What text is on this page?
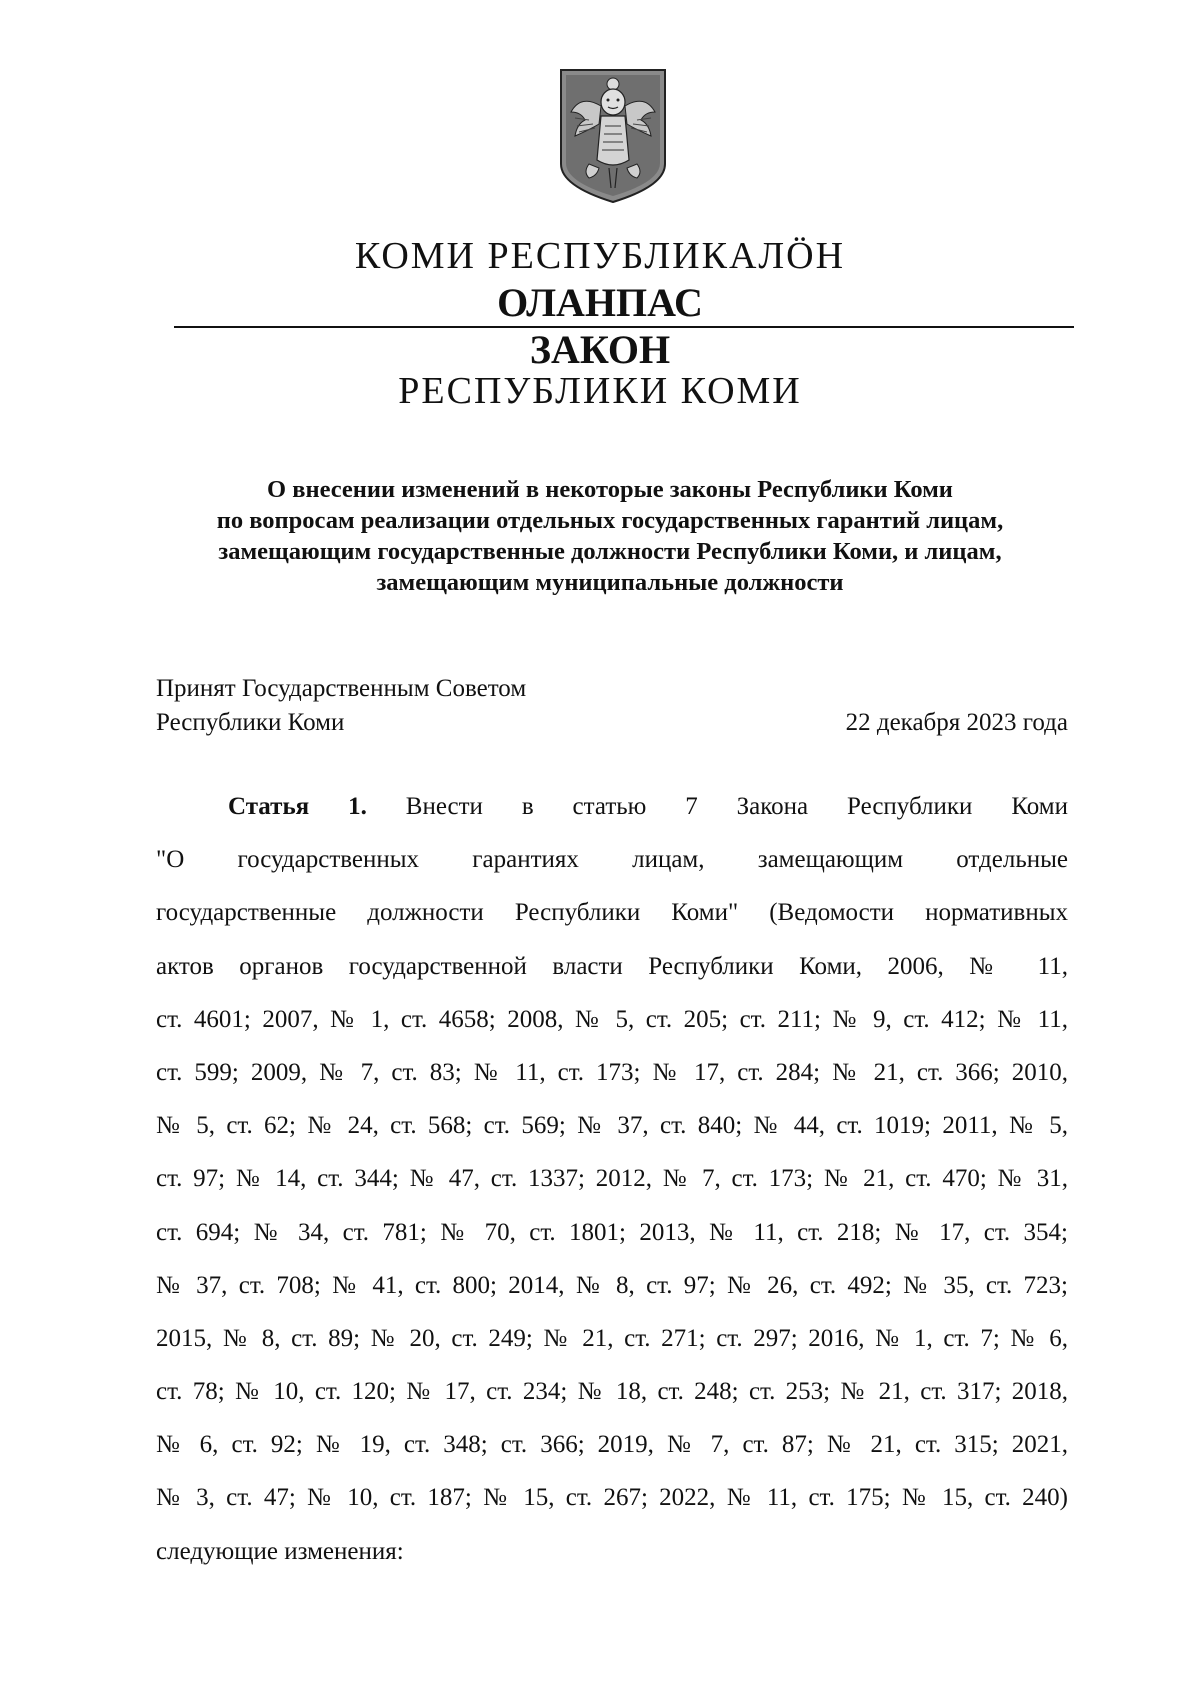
КОМИ РЕСПУБЛИКАЛӦН
ОЛАНПАС
ЗАКОН
РЕСПУБЛИКИ КОМИ
О внесении изменений в некоторые законы Республики Коми
по вопросам реализации отдельных государственных гарантий лицам,
замещающим государственные должности Республики Коми, и лицам,
замещающим муниципальные должности
Принят Государственным Советом
Республики Коми	22 декабря 2023 года
Статья 1. Внести в статью 7 Закона Республики Коми
"О государственных гарантиях лицам, замещающим отдельные
государственные должности Республики Коми" (Ведомости нормативных
актов органов государственной власти Республики Коми, 2006, № 11,
ст. 4601; 2007, № 1, ст. 4658; 2008, № 5, ст. 205; ст. 211; № 9, ст. 412; № 11,
ст. 599; 2009, № 7, ст. 83; № 11, ст. 173; № 17, ст. 284; № 21, ст. 366; 2010,
№ 5, ст. 62; № 24, ст. 568; ст. 569; № 37, ст. 840; № 44, ст. 1019; 2011, № 5,
ст. 97; № 14, ст. 344; № 47, ст. 1337; 2012, № 7, ст. 173; № 21, ст. 470; № 31,
ст. 694; № 34, ст. 781; № 70, ст. 1801; 2013, № 11, ст. 218; № 17, ст. 354;
№ 37, ст. 708; № 41, ст. 800; 2014, № 8, ст. 97; № 26, ст. 492; № 35, ст. 723;
2015, № 8, ст. 89; № 20, ст. 249; № 21, ст. 271; ст. 297; 2016, № 1, ст. 7; № 6,
ст. 78; № 10, ст. 120; № 17, ст. 234; № 18, ст. 248; ст. 253; № 21, ст. 317; 2018,
№ 6, ст. 92; № 19, ст. 348; ст. 366; 2019, № 7, ст. 87; № 21, ст. 315; 2021,
№ 3, ст. 47; № 10, ст. 187; № 15, ст. 267; 2022, № 11, ст. 175; № 15, ст. 240)
следующие изменения:
